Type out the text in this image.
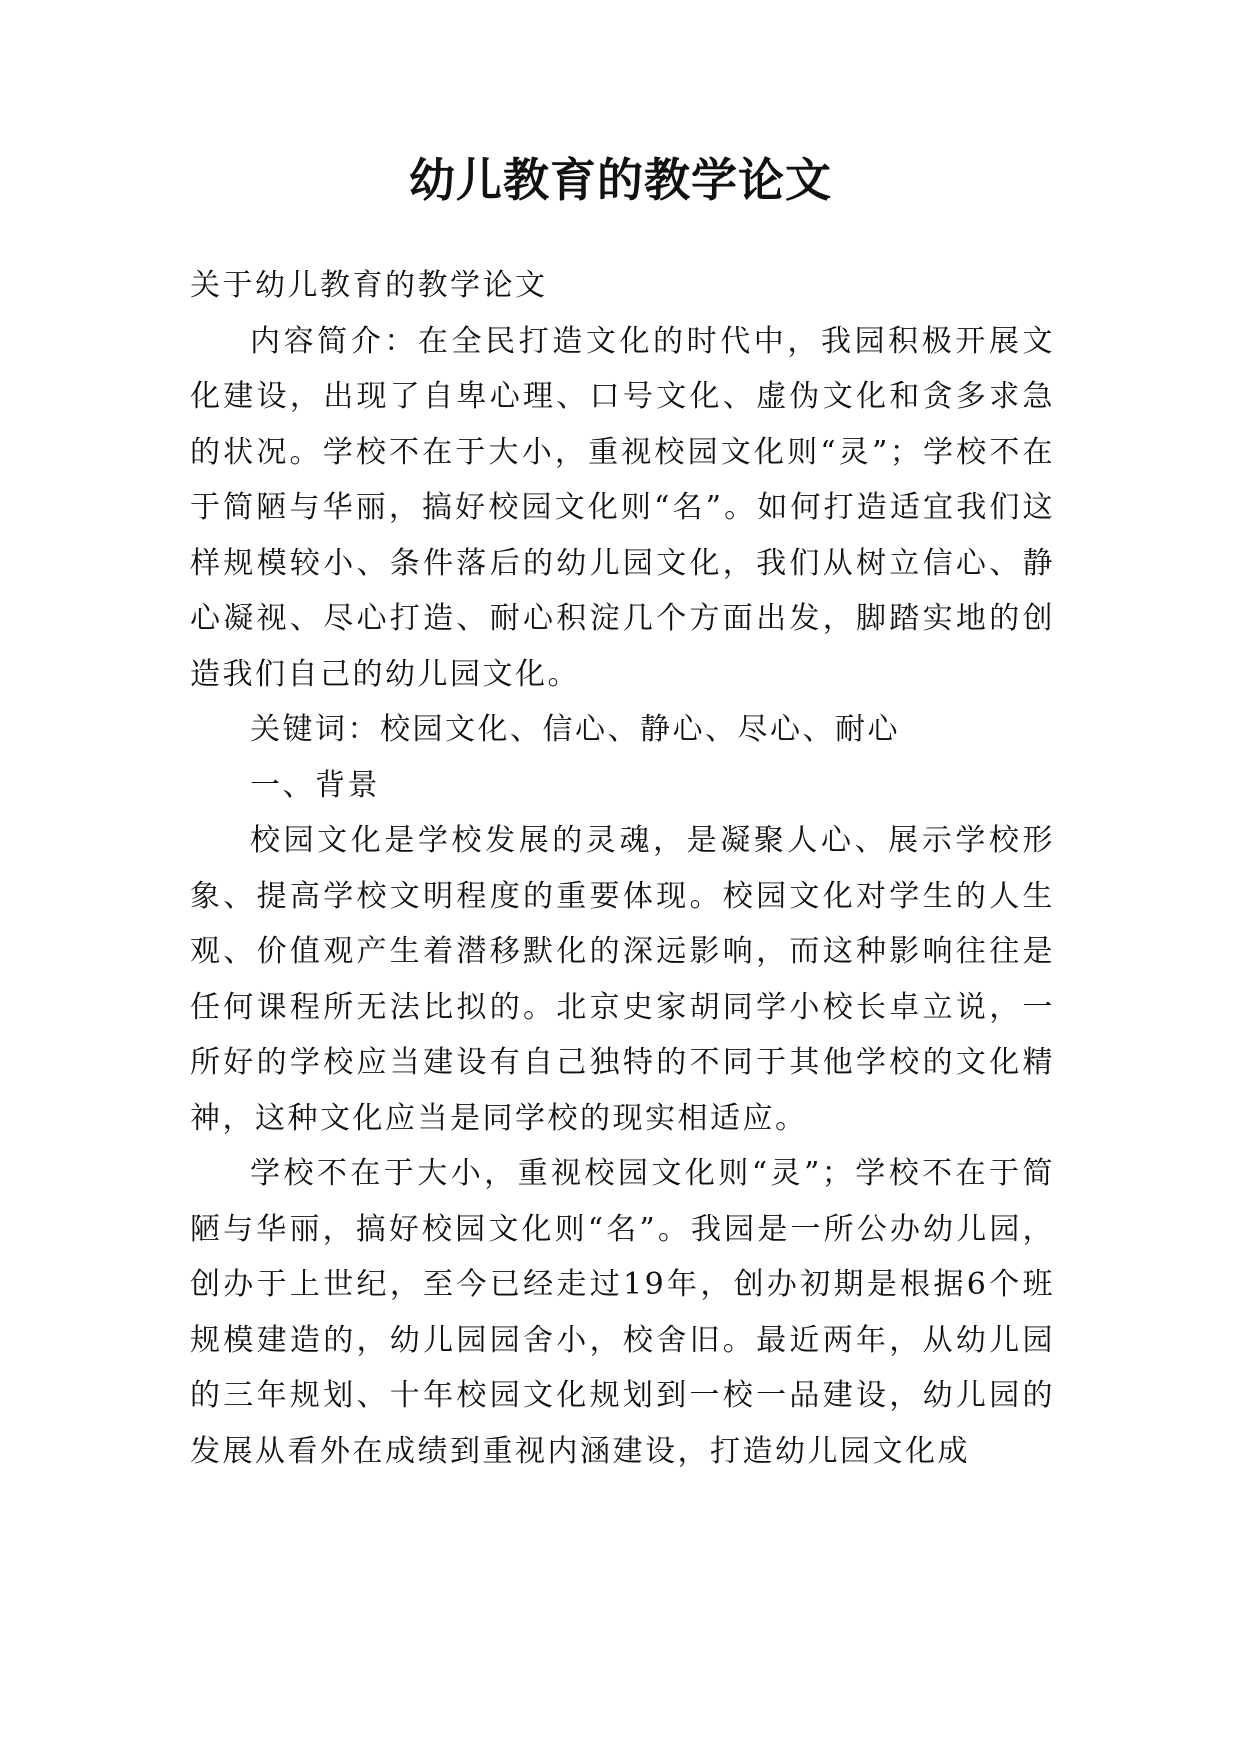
幼儿教育的教学论文

关于幼儿教育的教学论文

内容简介：在全民打造文化的时代中，我园积极开展文化建设，出现了自卑心理、口号文化、虚伪文化和贪多求急的状况。学校不在于大小，重视校园文化则“灵”；学校不在于简陋与华丽，搞好校园文化则“名”。如何打造适宜我们这样规模较小、条件落后的幼儿园文化，我们从树立信心、静心凝视、尽心打造、耐心积淀几个方面出发，脚踏实地的创造我们自己的幼儿园文化。

关键词：校园文化、信心、静心、尽心、耐心

一、背景

校园文化是学校发展的灵魂，是凝聚人心、展示学校形象、提高学校文明程度的重要体现。校园文化对学生的人生观、价值观产生着潜移默化的深远影响，而这种影响往往是任何课程所无法比拟的。北京史家胡同学小校长卓立说，一所好的学校应当建设有自己独特的不同于其他学校的文化精神，这种文化应当是同学校的现实相适应。

学校不在于大小，重视校园文化则“灵”；学校不在于简陋与华丽，搞好校园文化则“名”。我园是一所公办幼儿园，创办于上世纪，至今已经走过19年，创办初期是根据6个班规模建造的，幼儿园园舍小，校舍旧。最近两年，从幼儿园的三年规划、十年校园文化规划到一校一品建设，幼儿园的发展从看外在成绩到重视内涵建设，打造幼儿园文化成
